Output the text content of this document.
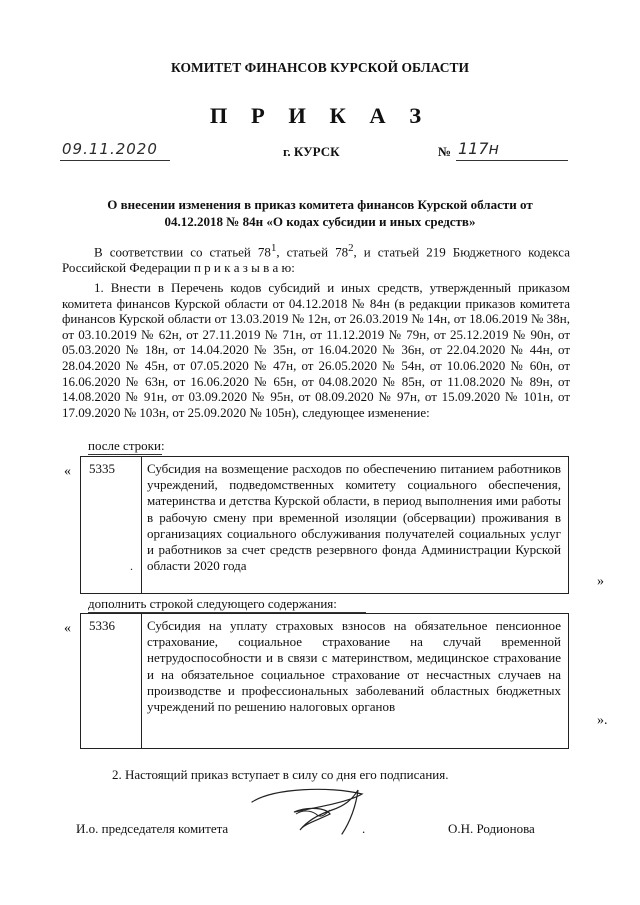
КОМИТЕТ ФИНАНСОВ КУРСКОЙ ОБЛАСТИ
П Р И К А З
09.11.2020	г. КУРСК	№ 117н
О внесении изменения в приказ комитета финансов Курской области от
04.12.2018 № 84н «О кодах субсидии и иных средств»
В соответствии со статьей $78^1$, статьей $78^2$, и статьей 219 Бюджетного кодекса Российской Федерации п р и к а з ы в а ю:
1. Внести в Перечень кодов субсидий и иных средств, утвержденный приказом комитета финансов Курской области от 04.12.2018 № 84н (в редакции приказов комитета финансов Курской области от 13.03.2019 № 12н, от 26.03.2019 № 14н, от 18.06.2019 № 38н, от 03.10.2019 № 62н, от 27.11.2019 № 71н, от 11.12.2019 № 79н, от 25.12.2019 № 90н, от 05.03.2020 № 18н, от 14.04.2020 № 35н, от 16.04.2020 № 36н, от 22.04.2020 № 44н, от 28.04.2020 № 45н, от 07.05.2020 № 47н, от 26.05.2020 № 54н, от 10.06.2020 № 60н, от 16.06.2020 № 63н, от 16.06.2020 № 65н, от 04.08.2020 № 85н, от 11.08.2020 № 89н, от 14.08.2020 № 91н, от 03.09.2020 № 95н, от 08.09.2020 № 97н, от 15.09.2020 № 101н, от 17.09.2020 № 103н, от 25.09.2020 № 105н), следующее изменение:
после строки:
« 5335 Субсидия на возмещение расходов по обеспечению питанием работников учреждений, подведомственных комитету социального обеспечения, материнства и детства Курской области, в период выполнения ими работы в рабочую смену при временной изоляции (обсервации) проживания в организациях социального обслуживания получателей социальных услуг и работников за счет средств резервного фонда Администрации Курской области 2020 года
.
»
дополнить строкой следующего содержания:
« 5336 Субсидия на уплату страховых взносов на обязательное пенсионное страхование, социальное страхование на случай временной нетрудоспособности и в связи с материнством, медицинское страхование и на обязательное социальное страхование от несчастных случаев на производстве и профессиональных заболеваний областных бюджетных учреждений по решению налоговых органов
».
2. Настоящий приказ вступает в силу со дня его подписания.
И.о. председателя комитета	.	О.Н. Родионова
